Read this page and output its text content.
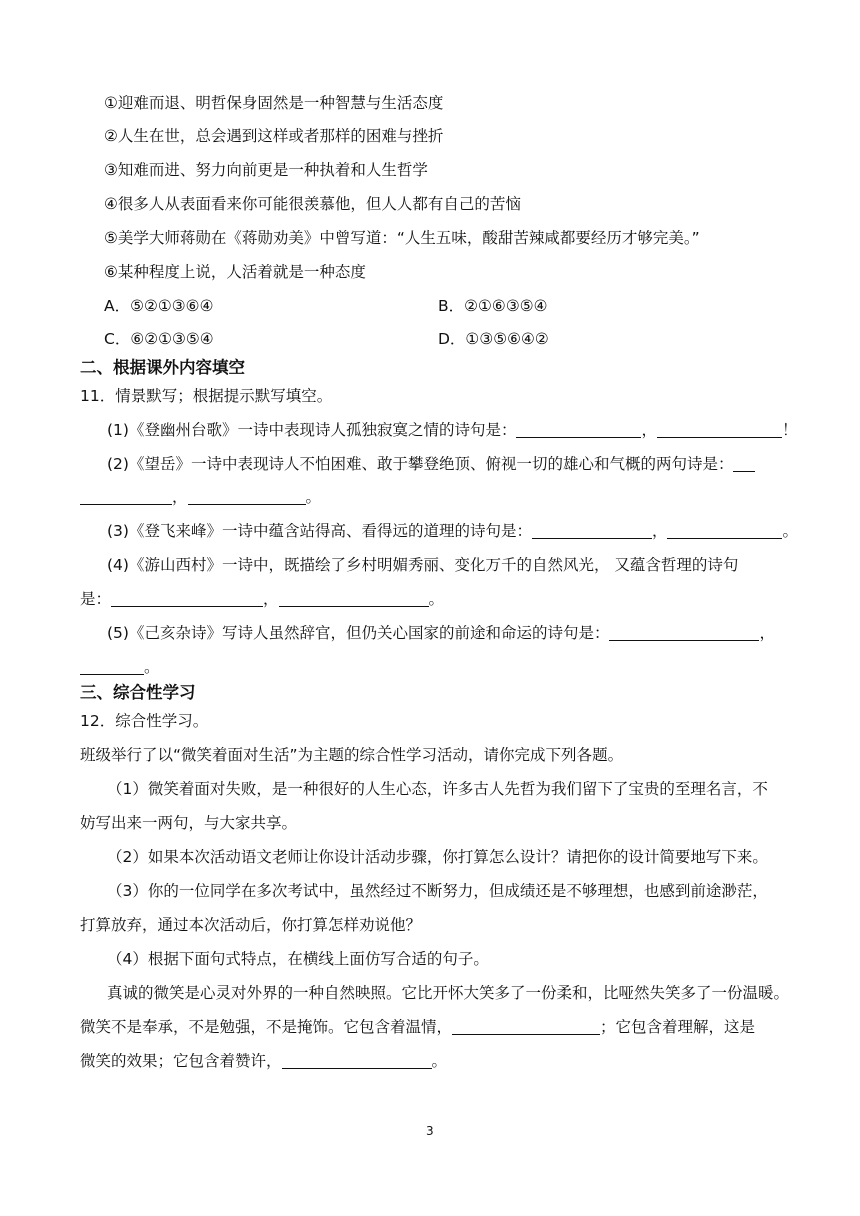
①迎难而退、明哲保身固然是一种智慧与生活态度
②人生在世，总会遇到这样或者那样的困难与挫折
③知难而进、努力向前更是一种执着和人生哲学
④很多人从表面看来你可能很羡慕他，但人人都有自己的苦恼
⑤美学大师蒋勋在《蒋勋劝美》中曾写道：“人生五味，酸甜苦辣咸都要经历才够完美。”
⑥某种程度上说，人活着就是一种态度
A．⑤②①③⑥④	B．②①⑥③⑤④
C．⑥②①③⑤④	D．①③⑤⑥④②
二、根据课外内容填空
11．情景默写；根据提示默写填空。
(1)《登幽州台歌》一诗中表现诗人孤独寂寞之情的诗句是：	，	！
(2)《望岳》一诗中表现诗人不怕困难、敢于攀登绝顶、俯视一切的雄心和气概的两句诗是：
，	。
(3)《登飞来峰》一诗中蕴含站得高、看得远的道理的诗句是：	，	。
(4)《游山西村》一诗中，既描绘了乡村明媚秀丽、变化万千的自然风光， 又蕴含哲理的诗句
是：	，	。
(5)《己亥杂诗》写诗人虽然辞官，但仍关心国家的前途和命运的诗句是：	，
。
三、综合性学习
12．综合性学习。
班级举行了以“微笑着面对生活”为主题的综合性学习活动，请你完成下列各题。
（1）微笑着面对失败，是一种很好的人生心态，许多古人先哲为我们留下了宝贵的至理名言，不
妨写出来一两句，与大家共享。
（2）如果本次活动语文老师让你设计活动步骤，你打算怎么设计？请把你的设计简要地写下来。
（3）你的一位同学在多次考试中，虽然经过不断努力，但成绩还是不够理想，也感到前途渺茫，
打算放弃，通过本次活动后，你打算怎样劝说他？
（4）根据下面句式特点，在横线上面仿写合适的句子。
真诚的微笑是心灵对外界的一种自然映照。它比开怀大笑多了一份柔和，比哑然失笑多了一份温暖。
微笑不是奉承，不是勉强，不是掩饰。它包含着温情，	；它包含着理解，这是
微笑的效果；它包含着赞许，	。
3
